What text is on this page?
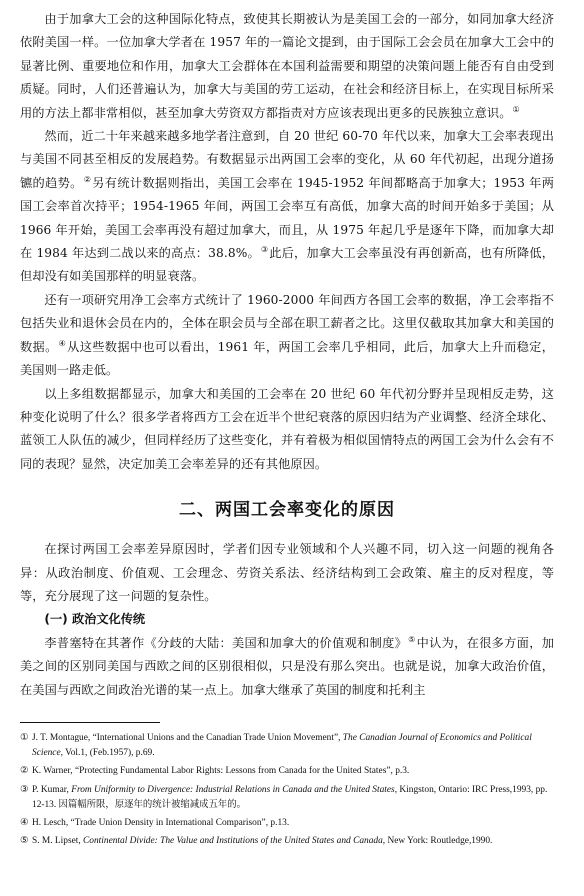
由于加拿大工会的这种国际化特点，致使其长期被认为是美国工会的一部分，如同加拿大经济依附美国一样。一位加拿大学者在 1957 年的一篇论文提到，由于国际工会会员在加拿大工会中的显著比例、重要地位和作用，加拿大工会群体在本国利益需要和期望的决策问题上能否有自由受到质疑。同时，人们还普遍认为，加拿大与美国的劳工运动，在社会和经济目标上，在实现目标所采用的方法上都非常相似，甚至加拿大劳资双方都指责对方应该表现出更多的民族独立意识。①

然而，近二十年来越来越多地学者注意到，自 20 世纪 60-70 年代以来，加拿大工会率表现出与美国不同甚至相反的发展趋势。有数据显示出两国工会率的变化，从 60 年代初起，出现分道扬镳的趋势。②另有统计数据则指出，美国工会率在 1945-1952 年间都略高于加拿大；1953 年两国工会率首次持平；1954-1965 年间，两国工会率互有高低，加拿大高的时间开始多于美国；从 1966 年开始，美国工会率再没有超过加拿大，而且，从 1975 年起几乎是逐年下降，而加拿大却在 1984 年达到二战以来的高点：38.8%。③此后，加拿大工会率虽没有再创新高，也有所降低，但却没有如美国那样的明显衰落。

还有一项研究用净工会率方式统计了 1960-2000 年间西方各国工会率的数据，净工会率指不包括失业和退休会员在内的，全体在职会员与全部在职工薪者之比。这里仅截取其加拿大和美国的数据。④从这些数据中也可以看出，1961 年，两国工会率几乎相同，此后，加拿大上升而稳定，美国则一路走低。

以上多组数据都显示，加拿大和美国的工会率在 20 世纪 60 年代初分野并呈现相反走势，这种变化说明了什么？很多学者将西方工会在近半个世纪衰落的原因归结为产业调整、经济全球化、蓝领工人队伍的减少，但同样经历了这些变化，并有着极为相似国情特点的两国工会为什么会有不同的表现？显然，决定加美工会率差异的还有其他原因。

二、两国工会率变化的原因

在探讨两国工会率差异原因时，学者们因专业领域和个人兴趣不同，切入这一问题的视角各异：从政治制度、价值观、工会理念、劳资关系法、经济结构到工会政策、雇主的反对程度，等等，充分展现了这一问题的复杂性。

(一) 政治文化传统

李普塞特在其著作《分歧的大陆：美国和加拿大的价值观和制度》⑤中认为，在很多方面，加美之间的区别同美国与西欧之间的区别很相似，只是没有那么突出。也就是说，加拿大政治价值，在美国与西欧之间政治光谱的某一点上。加拿大继承了英国的制度和托利主

① J. T. Montague, “International Unions and the Canadian Trade Union Movement”, The Canadian Journal of Economics and Political Science, Vol.1, (Feb.1957), p.69.
② K. Warner, “Protecting Fundamental Labor Rights: Lessons from Canada for the United States”, p.3.
③ P. Kumar, From Uniformity to Divergence: Industrial Relations in Canada and the United States, Kingston, Ontario: IRC Press,1993, pp. 12-13. 因篇幅所限，原逐年的统计被缩减成五年的。
④ H. Lesch, “Trade Union Density in International Comparison”, p.13.
⑤ S. M. Lipset, Continental Divide: The Value and Institutions of the United States and Canada, New York: Routledge,1990.
